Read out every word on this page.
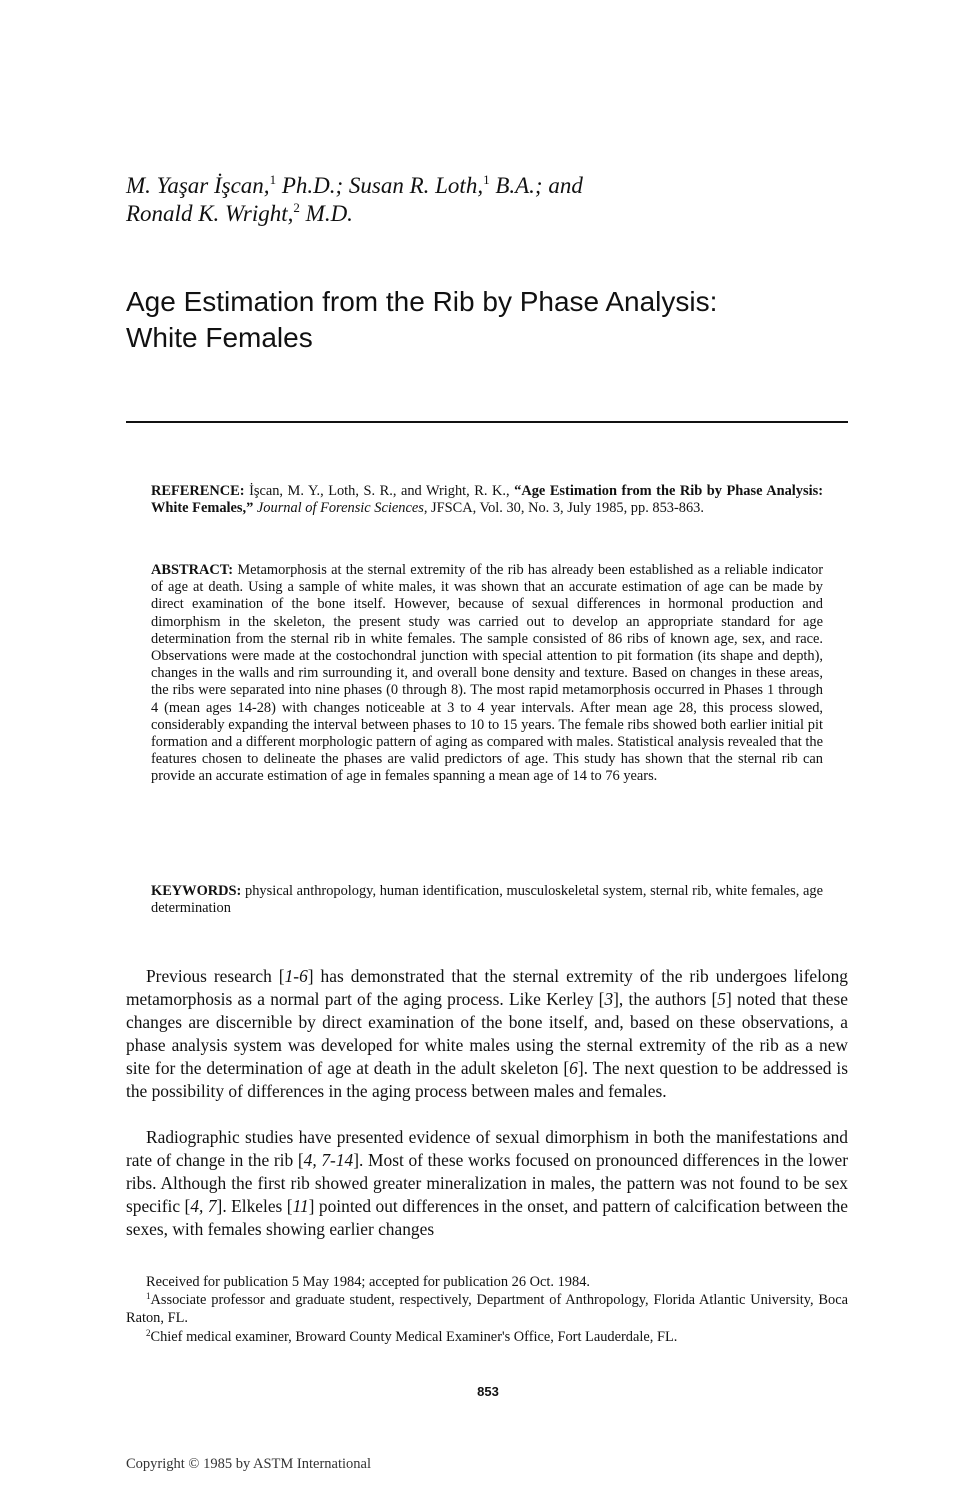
M. Yaşar İşcan,$^1$ Ph.D.; Susan R. Loth,$^1$ B.A.; and
Ronald K. Wright,$^2$ M.D.
Age Estimation from the Rib by Phase Analysis:
White Females
REFERENCE: İşcan, M. Y., Loth, S. R., and Wright, R. K., “Age Estimation from the Rib by Phase Analysis: White Females,” Journal of Forensic Sciences, JFSCA, Vol. 30, No. 3, July 1985, pp. 853-863.
ABSTRACT: Metamorphosis at the sternal extremity of the rib has already been established as a reliable indicator of age at death. Using a sample of white males, it was shown that an accurate estimation of age can be made by direct examination of the bone itself. However, because of sexual differences in hormonal production and dimorphism in the skeleton, the present study was carried out to develop an appropriate standard for age determination from the sternal rib in white females. The sample consisted of 86 ribs of known age, sex, and race. Observations were made at the costochondral junction with special attention to pit formation (its shape and depth), changes in the walls and rim surrounding it, and overall bone density and texture. Based on changes in these areas, the ribs were separated into nine phases (0 through 8). The most rapid metamorphosis occurred in Phases 1 through 4 (mean ages 14-28) with changes noticeable at 3 to 4 year intervals. After mean age 28, this process slowed, considerably expanding the interval between phases to 10 to 15 years. The female ribs showed both earlier initial pit formation and a different morphologic pattern of aging as compared with males. Statistical analysis revealed that the features chosen to delineate the phases are valid predictors of age. This study has shown that the sternal rib can provide an accurate estimation of age in females spanning a mean age of 14 to 76 years.
KEYWORDS: physical anthropology, human identification, musculoskeletal system, sternal rib, white females, age determination

Previous research [1-6] has demonstrated that the sternal extremity of the rib undergoes lifelong metamorphosis as a normal part of the aging process. Like Kerley [3], the authors [5] noted that these changes are discernible by direct examination of the bone itself, and, based on these observations, a phase analysis system was developed for white males using the sternal extremity of the rib as a new site for the determination of age at death in the adult skeleton [6]. The next question to be addressed is the possibility of differences in the aging process between males and females.

Radiographic studies have presented evidence of sexual dimorphism in both the manifestations and rate of change in the rib [4, 7-14]. Most of these works focused on pronounced differences in the lower ribs. Although the first rib showed greater mineralization in males, the pattern was not found to be sex specific [4, 7]. Elkeles [11] pointed out differences in the onset, and pattern of calcification between the sexes, with females showing earlier changes

Received for publication 5 May 1984; accepted for publication 26 Oct. 1984.

$^1$Associate professor and graduate student, respectively, Department of Anthropology, Florida Atlantic University, Boca Raton, FL.

$^2$Chief medical examiner, Broward County Medical Examiner's Office, Fort Lauderdale, FL.

853
Copyright © 1985 by ASTM International
